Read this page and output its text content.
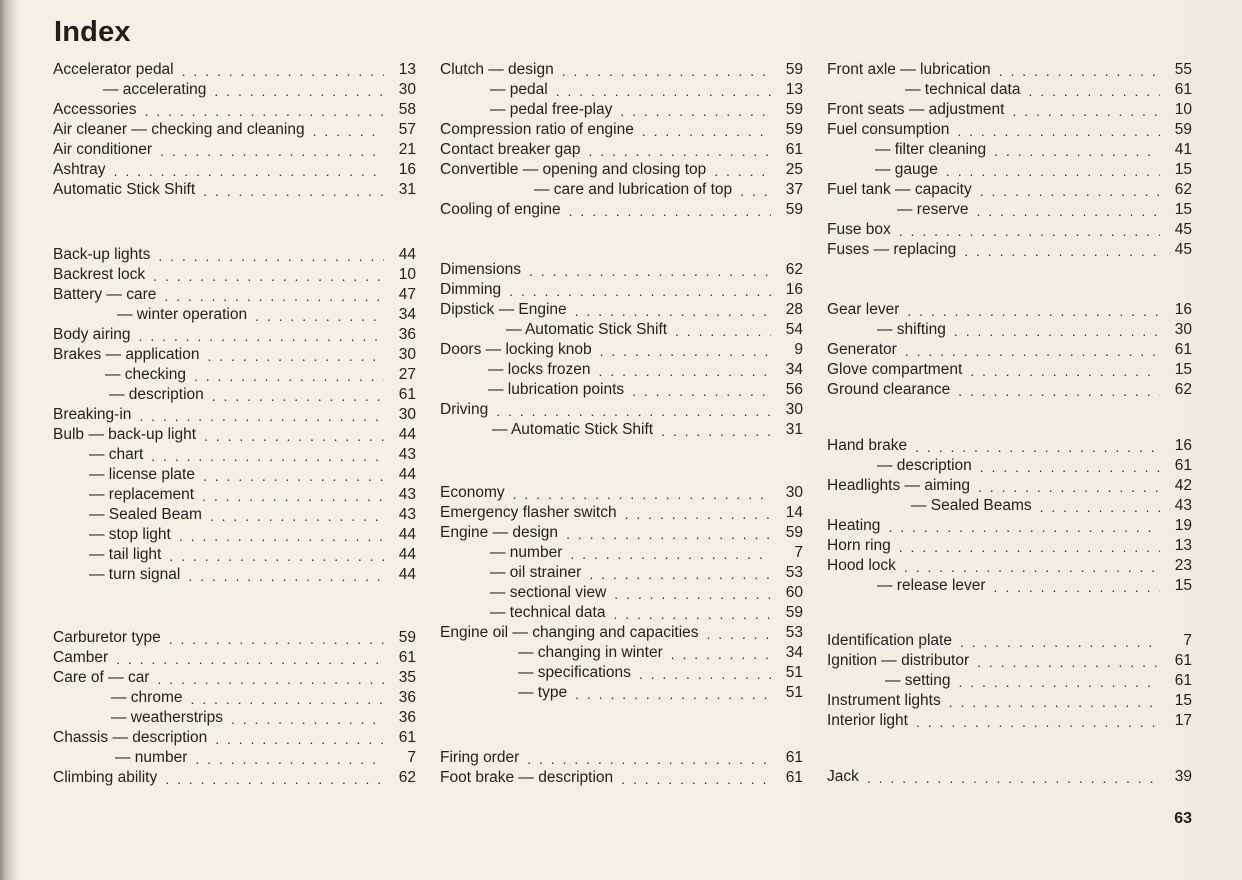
Index
Accelerator pedal . . .	13
— accelerating . . .	30
Accessories . . .	58
Air cleaner — checking and cleaning . . .	57
Air conditioner . . .	21
Ashtray . . .	16
Automatic Stick Shift . . .	31
Back-up lights . . .	44
Backrest lock . . .	10
Battery — care . . .	47
— winter operation . . .	34
Body airing . . .	36
Brakes — application . . .	30
— checking . . .	27
— description . . .	61
Breaking-in . . .	30
Bulb — back-up light . . .	44
— chart . . .	43
— license plate . . .	44
— replacement . . .	43
— Sealed Beam . . .	43
— stop light . . .	44
— tail light . . .	44
— turn signal . . .	44
Carburetor type . . .	59
Camber . . .	61
Care of — car . . .	35
— chrome . . .	36
— weatherstrips . . .	36
Chassis — description . . .	61
— number . . .	7
Climbing ability . . .	62
Clutch — design . . .	59
— pedal . . .	13
— pedal free-play . . .	59
Compression ratio of engine . . .	59
Contact breaker gap . . .	61
Convertible — opening and closing top . . .	25
— care and lubrication of top . . .	37
Cooling of engine . . .	59
Dimensions . . .	62
Dimming . . .	16
Dipstick — Engine . . .	28
— Automatic Stick Shift . . .	54
Doors — locking knob . . .	9
— locks frozen . . .	34
— lubrication points . . .	56
Driving . . .	30
— Automatic Stick Shift . . .	31
Economy . . .	30
Emergency flasher switch . . .	14
Engine — design . . .	59
— number . . .	7
— oil strainer . . .	53
— sectional view . . .	60
— technical data . . .	59
Engine oil — changing and capacities . . .	53
— changing in winter . . .	34
— specifications . . .	51
— type . . .	51
Firing order . . .	61
Foot brake — description . . .	61
Front axle — lubrication . . .	55
— technical data . . .	61
Front seats — adjustment . . .	10
Fuel consumption . . .	59
— filter cleaning . . .	41
— gauge . . .	15
Fuel tank — capacity . . .	62
— reserve . . .	15
Fuse box . . .	45
Fuses — replacing . . .	45
Gear lever . . .	16
— shifting . . .	30
Generator . . .	61
Glove compartment . . .	15
Ground clearance . . .	62
Hand brake . . .	16
— description . . .	61
Headlights — aiming . . .	42
— Sealed Beams . . .	43
Heating . . .	19
Horn ring . . .	13
Hood lock . . .	23
— release lever . . .	15
Identification plate . . .	7
Ignition — distributor . . .	61
— setting . . .	61
Instrument lights . . .	15
Interior light . . .	17
Jack . . .	39
63
